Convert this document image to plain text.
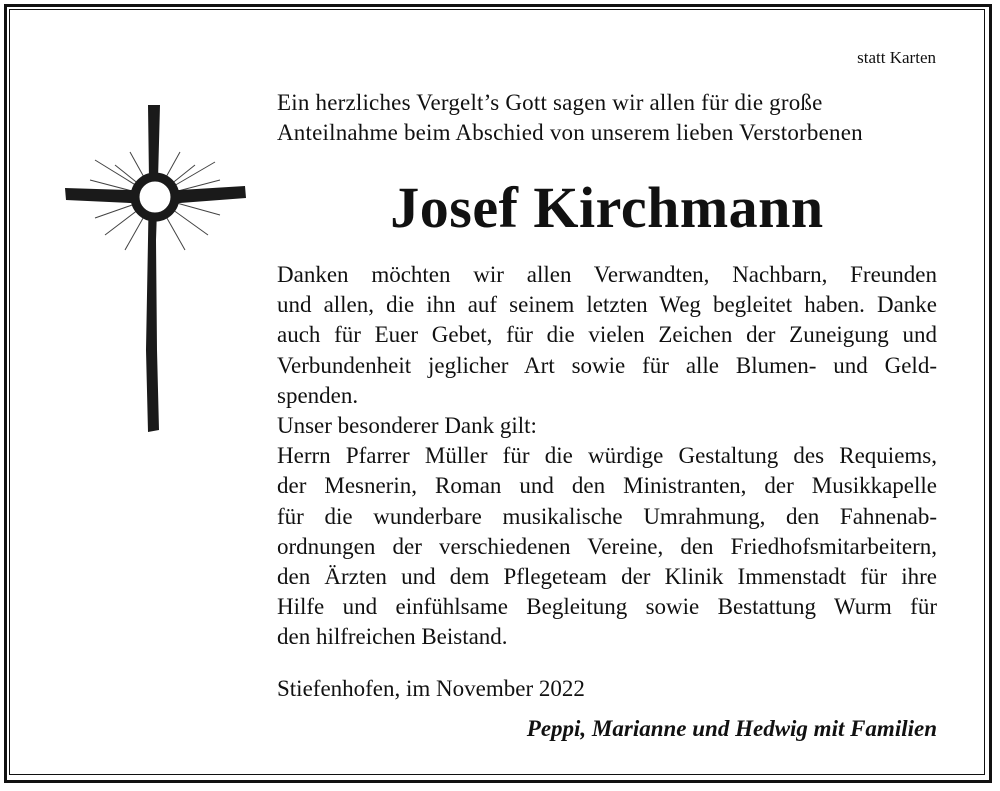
statt Karten
Ein herzliches Vergelt’s Gott sagen wir allen für die große
Anteilnahme beim Abschied von unserem lieben Verstorbenen
Josef Kirchmann
Danken möchten wir allen Verwandten, Nachbarn, Freunden
und allen, die ihn auf seinem letzten Weg begleitet haben. Danke
auch für Euer Gebet, für die vielen Zeichen der Zuneigung und
Verbundenheit jeglicher Art sowie für alle Blumen- und Geld-
spenden.
Unser besonderer Dank gilt:
Herrn Pfarrer Müller für die würdige Gestaltung des Requiems,
der Mesnerin, Roman und den Ministranten, der Musikkapelle
für die wunderbare musikalische Umrahmung, den Fahnenab-
ordnungen der verschiedenen Vereine, den Friedhofsmitarbeitern,
den Ärzten und dem Pflegeteam der Klinik Immenstadt für ihre
Hilfe und einfühlsame Begleitung sowie Bestattung Wurm für
den hilfreichen Beistand.
Stiefenhofen, im November 2022
Peppi, Marianne und Hedwig mit Familien
